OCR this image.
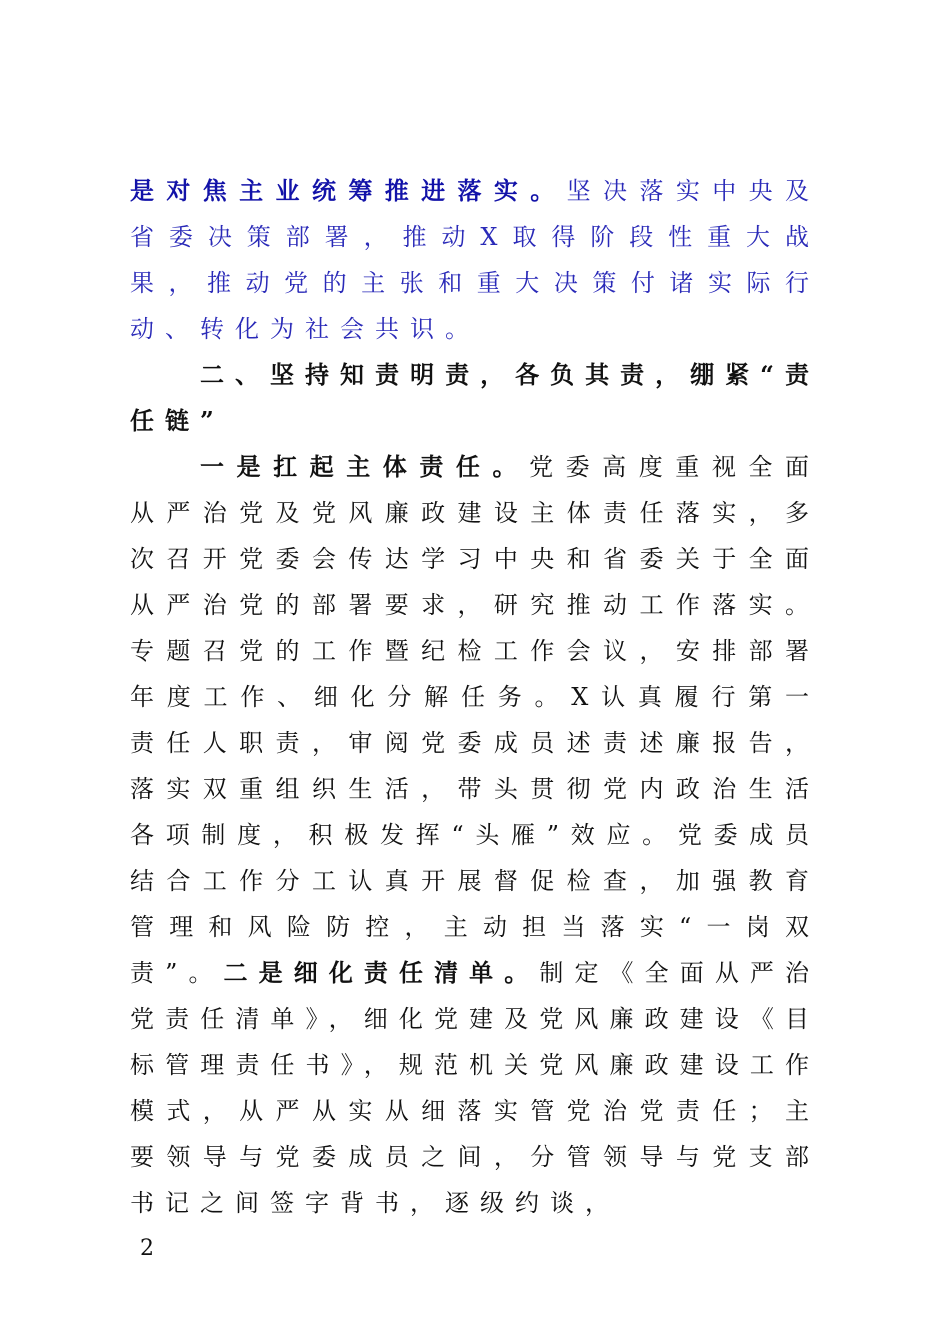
是对焦主业统筹推进落实。坚决落实中央及省委决策部署，推动X取得阶段性重大战果，推动党的主张和重大决策付诸实际行动、转化为社会共识。

二、坚持知责明责，各负其责，绷紧“责任链”

一是扛起主体责任。党委高度重视全面从严治党及党风廉政建设主体责任落实，多次召开党委会传达学习中央和省委关于全面从严治党的部署要求，研究推动工作落实。专题召党的工作暨纪检工作会议，安排部署年度工作、细化分解任务。X认真履行第一责任人职责，审阅党委成员述责述廉报告，落实双重组织生活，带头贯彻党内政治生活各项制度，积极发挥“头雁”效应。党委成员结合工作分工认真开展督促检查，加强教育管理和风险防控，主动担当落实“一岗双责”。二是细化责任清单。制定《全面从严治党责任清单》，细化党建及党风廉政建设《目标管理责任书》，规范机关党风廉政建设工作模式，从严从实从细落实管党治党责任；主要领导与党委成员之间，分管领导与党支部书记之间签字背书，逐级约谈，

2
